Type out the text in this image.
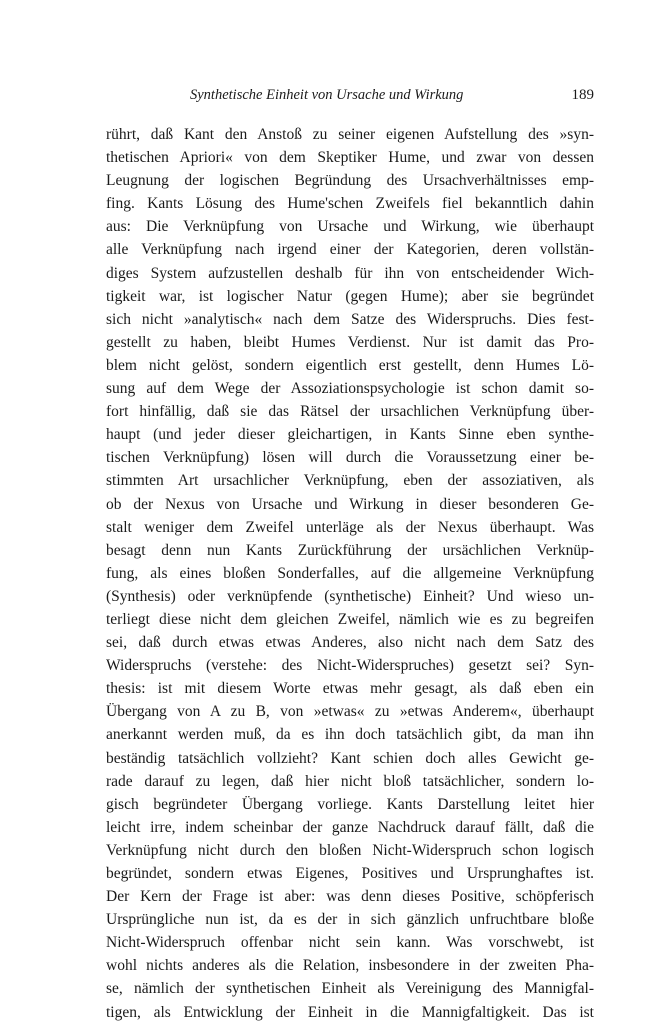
Synthetische Einheit von Ursache und Wirkung	189
rührt, daß Kant den Anstoß zu seiner eigenen Aufstellung des »syn-
thetischen Apriori« von dem Skeptiker Hume, und zwar von dessen
Leugnung der logischen Begründung des Ursachverhältnisses emp-
fing. Kants Lösung des Hume'schen Zweifels fiel bekanntlich dahin
aus: Die Verknüpfung von Ursache und Wirkung, wie überhaupt
alle Verknüpfung nach irgend einer der Kategorien, deren vollstän-
diges System aufzustellen deshalb für ihn von entscheidender Wich-
tigkeit war, ist logischer Natur (gegen Hume); aber sie begründet
sich nicht »analytisch« nach dem Satze des Widerspruchs. Dies fest-
gestellt zu haben, bleibt Humes Verdienst. Nur ist damit das Pro-
blem nicht gelöst, sondern eigentlich erst gestellt, denn Humes Lö-
sung auf dem Wege der Assoziationspsychologie ist schon damit so-
fort hinfällig, daß sie das Rätsel der ursachlichen Verknüpfung über-
haupt (und jeder dieser gleichartigen, in Kants Sinne eben synthe-
tischen Verknüpfung) lösen will durch die Voraussetzung einer be-
stimmten Art ursachlicher Verknüpfung, eben der assoziativen, als
ob der Nexus von Ursache und Wirkung in dieser besonderen Ge-
stalt weniger dem Zweifel unterläge als der Nexus überhaupt. Was
besagt denn nun Kants Zurückführung der ursächlichen Verknüp-
fung, als eines bloßen Sonderfalles, auf die allgemeine Verknüpfung
(Synthesis) oder verknüpfende (synthetische) Einheit? Und wieso un-
terliegt diese nicht dem gleichen Zweifel, nämlich wie es zu begreifen
sei, daß durch etwas etwas Anderes, also nicht nach dem Satz des
Widerspruchs (verstehe: des Nicht-Widerspruches) gesetzt sei? Syn-
thesis: ist mit diesem Worte etwas mehr gesagt, als daß eben ein
Übergang von A zu B, von »etwas« zu »etwas Anderem«, überhaupt
anerkannt werden muß, da es ihn doch tatsächlich gibt, da man ihn
beständig tatsächlich vollzieht? Kant schien doch alles Gewicht ge-
rade darauf zu legen, daß hier nicht bloß tatsächlicher, sondern lo-
gisch begründeter Übergang vorliege. Kants Darstellung leitet hier
leicht irre, indem scheinbar der ganze Nachdruck darauf fällt, daß die
Verknüpfung nicht durch den bloßen Nicht-Widerspruch schon logisch
begründet, sondern etwas Eigenes, Positives und Ursprunghaftes ist.
Der Kern der Frage ist aber: was denn dieses Positive, schöpferisch
Ursprüngliche nun ist, da es der in sich gänzlich unfruchtbare bloße
Nicht-Widerspruch offenbar nicht sein kann. Was vorschwebt, ist
wohl nichts anderes als die Relation, insbesondere in der zweiten Pha-
se, nämlich der synthetischen Einheit als Vereinigung des Mannigfal-
tigen, als Entwicklung der Einheit in die Mannigfaltigkeit. Das ist
